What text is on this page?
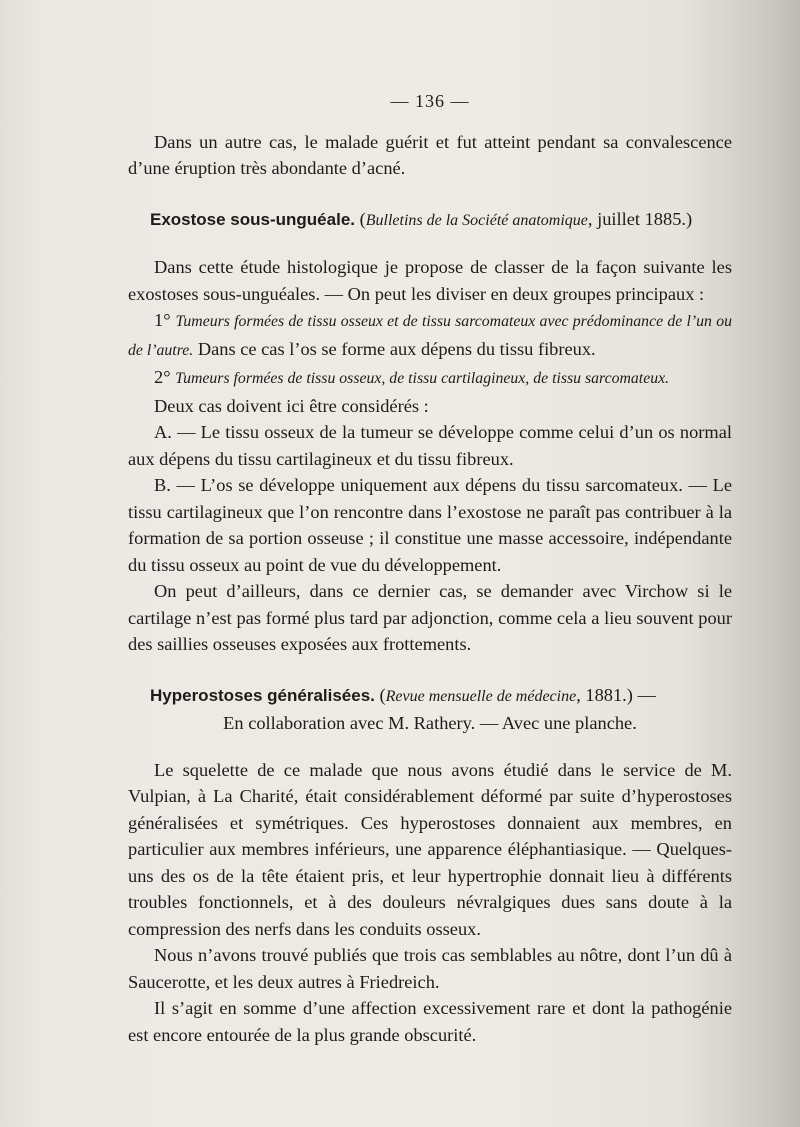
— 136 —

Dans un autre cas, le malade guérit et fut atteint pendant sa convalescence d’une éruption très abondante d’acné.

Exostose sous-unguéale. (Bulletins de la Société anatomique, juillet 1885.)

Dans cette étude histologique je propose de classer de la façon suivante les exostoses sous-unguéales. — On peut les diviser en deux groupes principaux :

1° Tumeurs formées de tissu osseux et de tissu sarcomateux avec prédominance de l’un ou de l’autre. Dans ce cas l’os se forme aux dépens du tissu fibreux.

2° Tumeurs formées de tissu osseux, de tissu cartilagineux, de tissu sarcomateux.

Deux cas doivent ici être considérés :

A. — Le tissu osseux de la tumeur se développe comme celui d’un os normal aux dépens du tissu cartilagineux et du tissu fibreux.

B. — L’os se développe uniquement aux dépens du tissu sarcomateux. — Le tissu cartilagineux que l’on rencontre dans l’exostose ne paraît pas contribuer à la formation de sa portion osseuse ; il constitue une masse accessoire, indépendante du tissu osseux au point de vue du développement.

On peut d’ailleurs, dans ce dernier cas, se demander avec Virchow si le cartilage n’est pas formé plus tard par adjonction, comme cela a lieu souvent pour des saillies osseuses exposées aux frottements.

Hyperostoses généralisées. (Revue mensuelle de médecine, 1881.) —

En collaboration avec M. Rathery. — Avec une planche.

Le squelette de ce malade que nous avons étudié dans le service de M. Vulpian, à La Charité, était considérablement déformé par suite d’hyperostoses généralisées et symétriques. Ces hyperostoses donnaient aux membres, en particulier aux membres inférieurs, une apparence éléphantiasique. — Quelques-uns des os de la tête étaient pris, et leur hypertrophie donnait lieu à différents troubles fonctionnels, et à des douleurs névralgiques dues sans doute à la compression des nerfs dans les conduits osseux.

Nous n’avons trouvé publiés que trois cas semblables au nôtre, dont l’un dû à Saucerotte, et les deux autres à Friedreich.

Il s’agit en somme d’une affection excessivement rare et dont la pathogénie est encore entourée de la plus grande obscurité.
